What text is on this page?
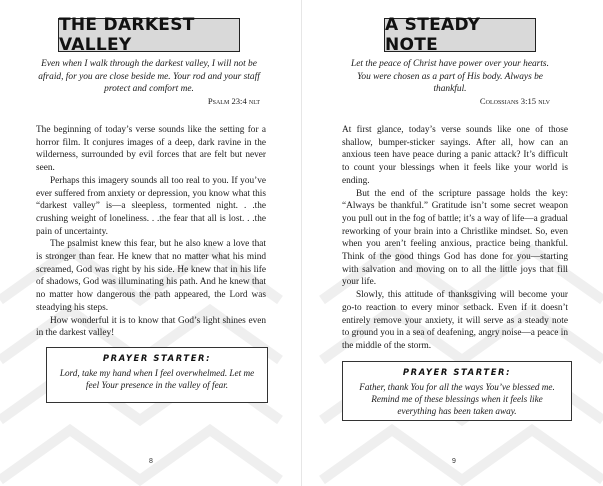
THE DARKEST VALLEY
Even when I walk through the darkest valley, I will not be afraid, for you are close beside me. Your rod and your staff protect and comfort me.
Psalm 23:4 nlt

The beginning of today’s verse sounds like the setting for a horror film. It conjures images of a deep, dark ravine in the wilderness, surrounded by evil forces that are felt but never seen.

Perhaps this imagery sounds all too real to you. If you’ve ever suffered from anxiety or depression, you know what this “darkest valley” is—a sleepless, tormented night. . .the crushing weight of loneliness. . .the fear that all is lost. . .the pain of uncertainty.

The psalmist knew this fear, but he also knew a love that is stronger than fear. He knew that no matter what his mind screamed, God was right by his side. He knew that in his life of shadows, God was illuminating his path. And he knew that no matter how dangerous the path appeared, the Lord was steadying his steps.

How wonderful it is to know that God’s light shines even in the darkest valley!

PRAYER STARTER:
Lord, take my hand when I feel overwhelmed. Let me feel Your presence in the valley of fear.
8
A STEADY NOTE
Let the peace of Christ have power over your hearts. You were chosen as a part of His body. Always be thankful.
Colossians 3:15 nlv

At first glance, today’s verse sounds like one of those shallow, bumper-sticker sayings. After all, how can an anxious teen have peace during a panic attack? It’s difficult to count your blessings when it feels like your world is ending.

But the end of the scripture passage holds the key: “Always be thankful.” Gratitude isn’t some secret weapon you pull out in the fog of battle; it’s a way of life—a gradual reworking of your brain into a Christlike mindset. So, even when you aren’t feeling anxious, practice being thankful. Think of the good things God has done for you—starting with salvation and moving on to all the little joys that fill your life.

Slowly, this attitude of thanksgiving will become your go-to reaction to every minor setback. Even if it doesn’t entirely remove your anxiety, it will serve as a steady note to ground you in a sea of deafening, angry noise—a peace in the middle of the storm.

PRAYER STARTER:
Father, thank You for all the ways You’ve blessed me. Remind me of these blessings when it feels like everything has been taken away.
9
